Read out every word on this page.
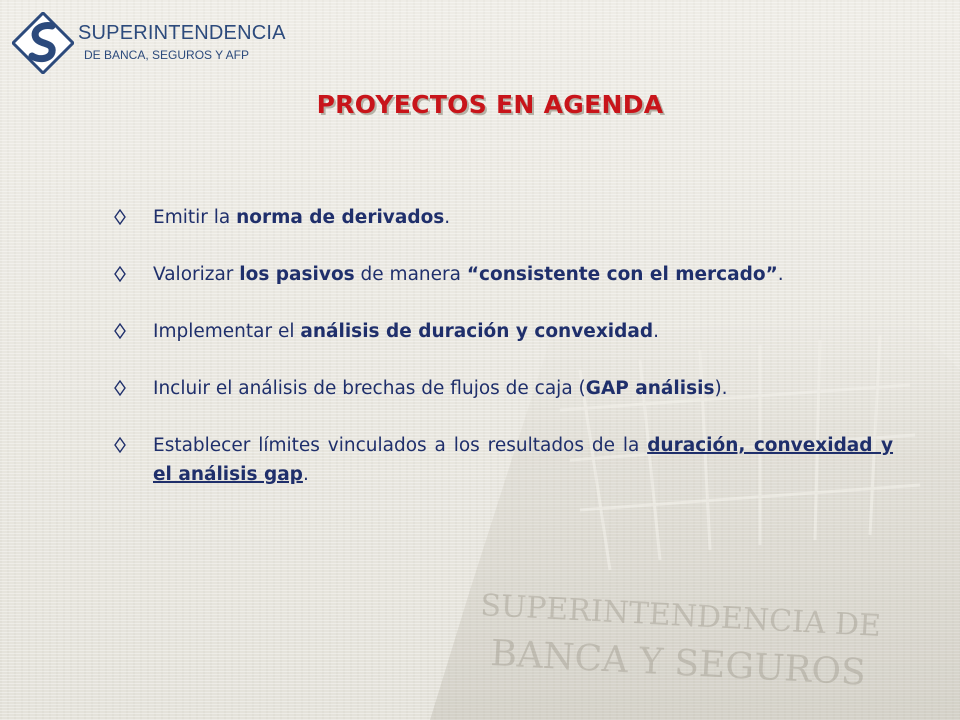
SUPERINTENDENCIA DE
BANCA Y SEGUROS
SUPERINTENDENCIA
DE BANCA, SEGUROS Y AFP
PROYECTOS EN AGENDA
Emitir la norma de derivados.
Valorizar los pasivos de manera “consistente con el mercado”.
Implementar el análisis de duración y convexidad.
Incluir el análisis de brechas de flujos de caja (GAP análisis).
Establecer límites vinculados a los resultados de la duración, convexidad y el análisis gap.
